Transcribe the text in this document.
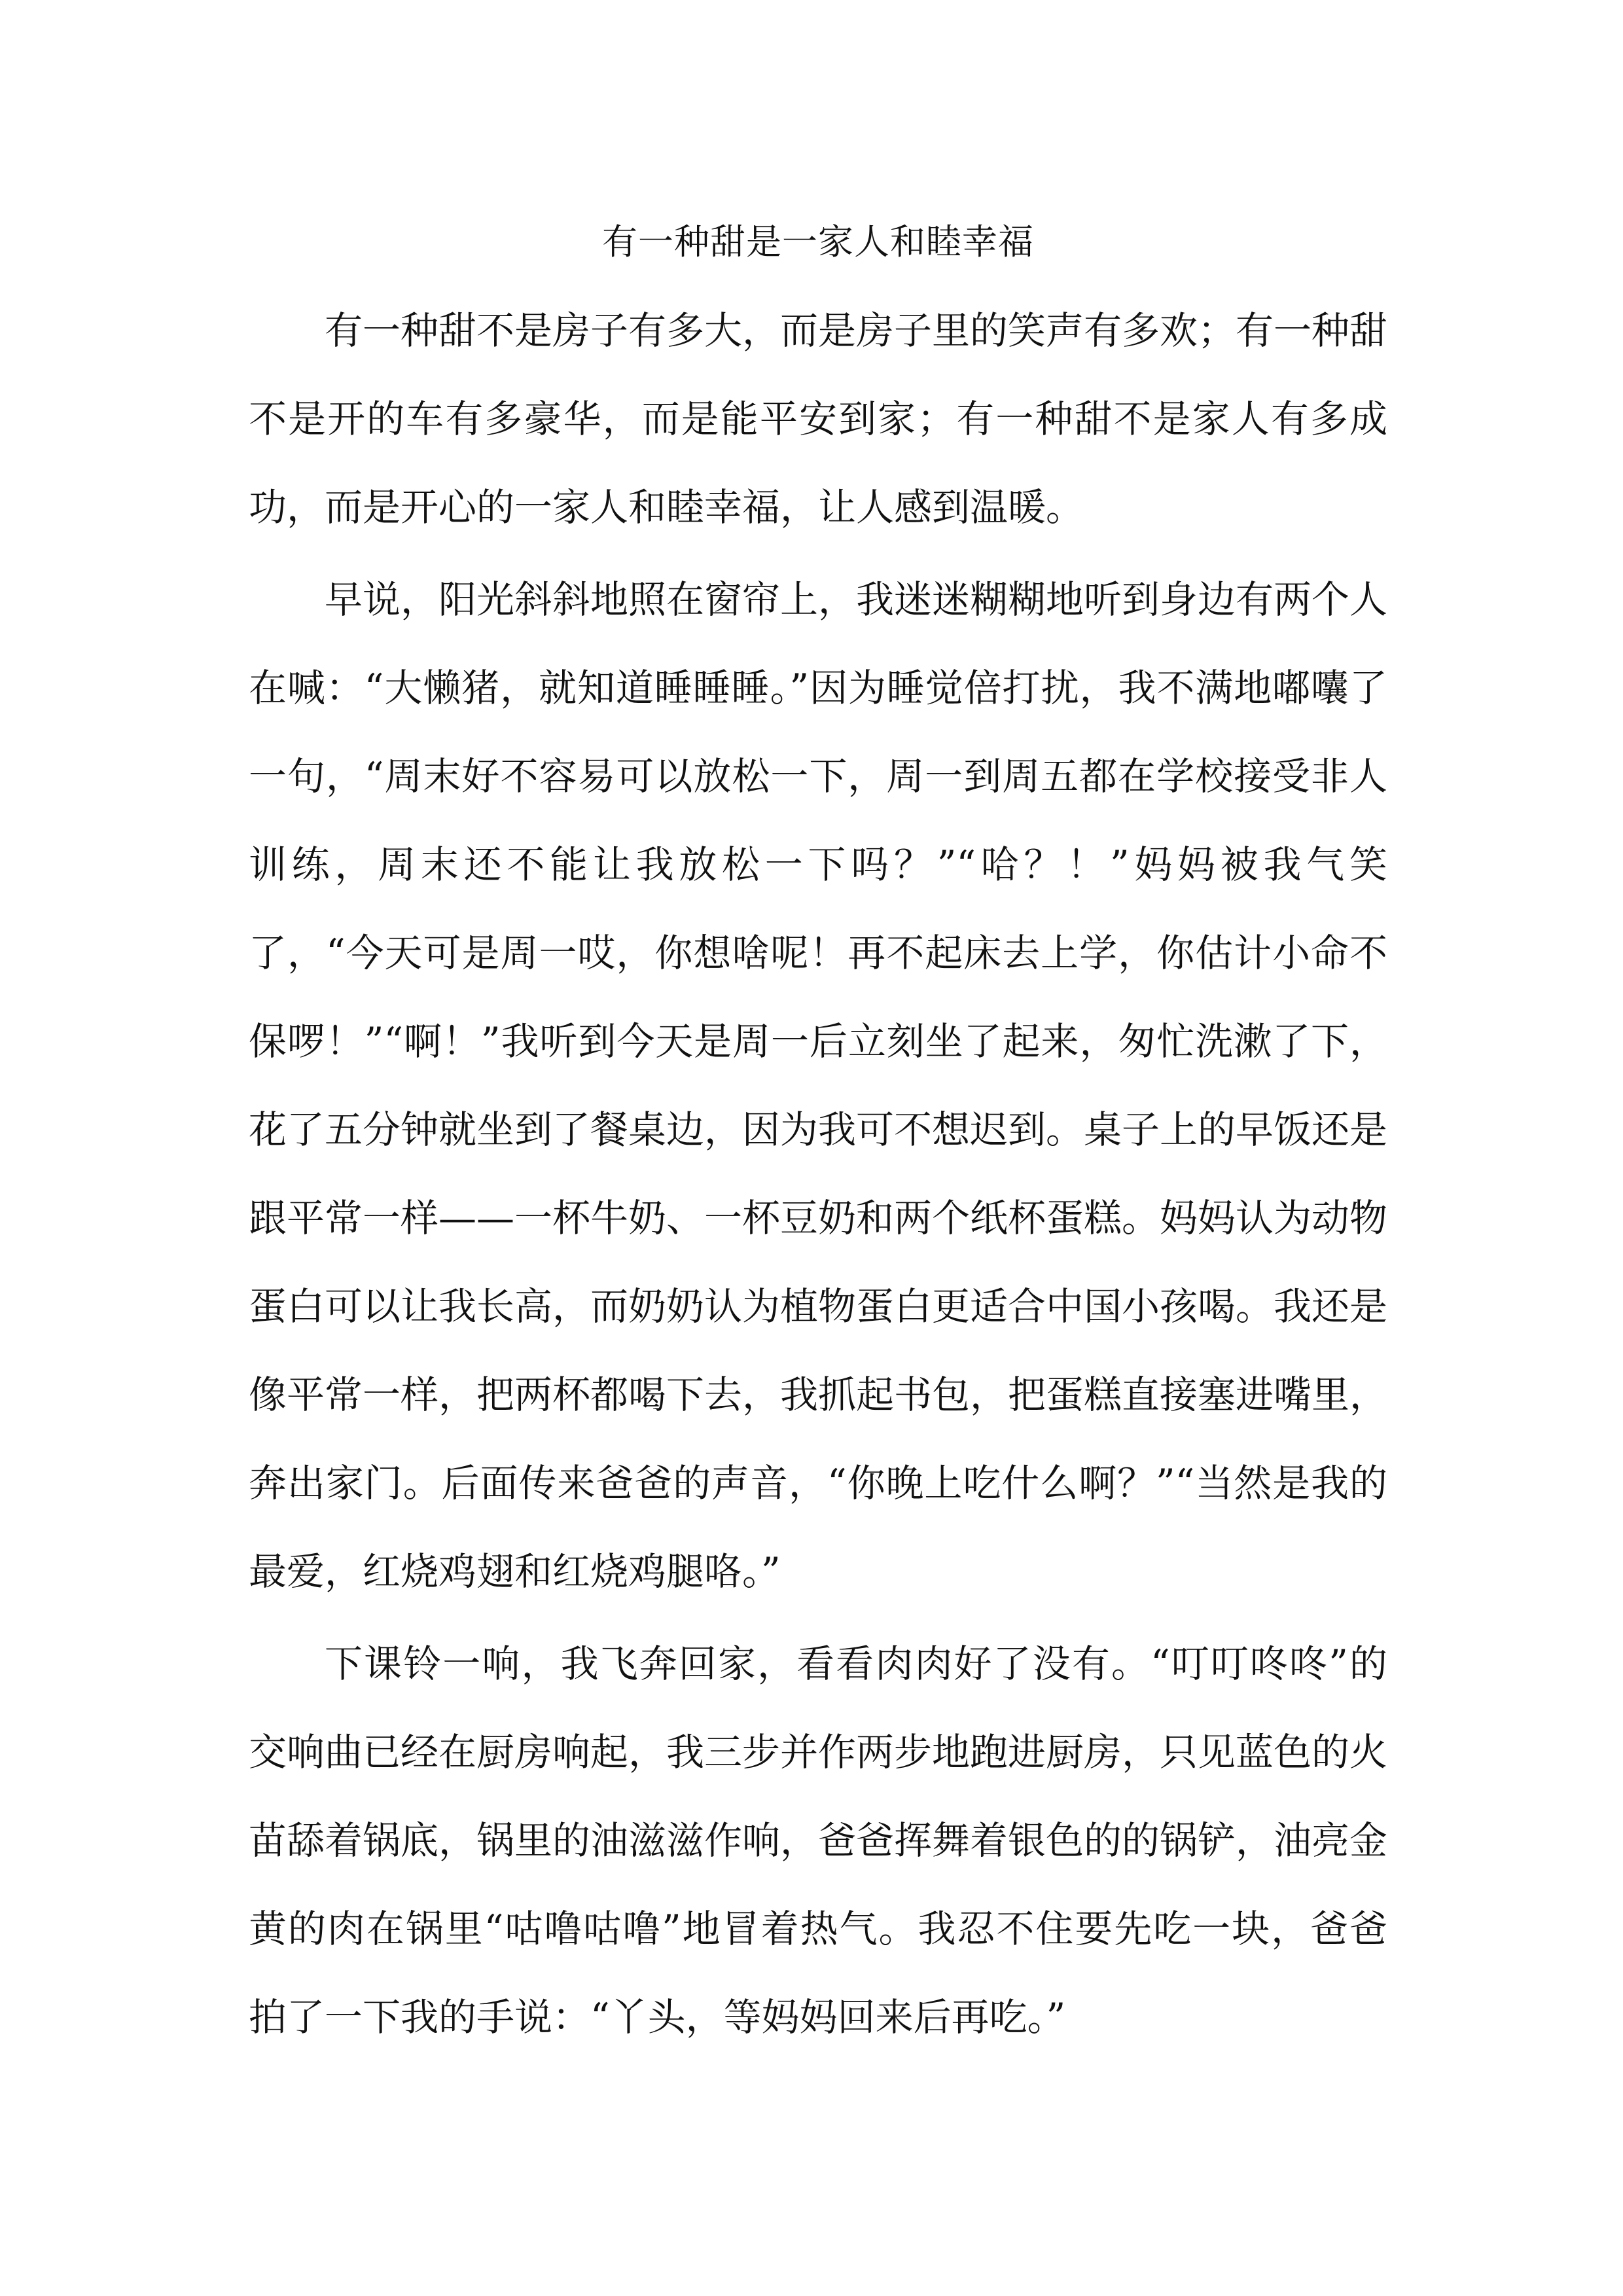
有一种甜是一家人和睦幸福

有一种甜不是房子有多大，而是房子里的笑声有多欢；有一种甜不是开的车有多豪华，而是能平安到家；有一种甜不是家人有多成功，而是开心的一家人和睦幸福，让人感到温暖。

早说，阳光斜斜地照在窗帘上，我迷迷糊糊地听到身边有两个人在喊：“大懒猪，就知道睡睡睡。”因为睡觉倍打扰，我不满地嘟囔了一句，“周末好不容易可以放松一下，周一到周五都在学校接受非人训练，周末还不能让我放松一下吗？”“哈？！”妈妈被我气笑了，“今天可是周一哎，你想啥呢！再不起床去上学，你估计小命不保啰！”“啊！”我听到今天是周一后立刻坐了起来，匆忙洗漱了下，花了五分钟就坐到了餐桌边，因为我可不想迟到。桌子上的早饭还是跟平常一样——一杯牛奶、一杯豆奶和两个纸杯蛋糕。妈妈认为动物蛋白可以让我长高，而奶奶认为植物蛋白更适合中国小孩喝。我还是像平常一样，把两杯都喝下去，我抓起书包，把蛋糕直接塞进嘴里，奔出家门。后面传来爸爸的声音，“你晚上吃什么啊？”“当然是我的最爱，红烧鸡翅和红烧鸡腿咯。”

下课铃一响，我飞奔回家，看看肉肉好了没有。“叮叮咚咚”的交响曲已经在厨房响起，我三步并作两步地跑进厨房，只见蓝色的火苗舔着锅底，锅里的油滋滋作响，爸爸挥舞着银色的的锅铲，油亮金黄的肉在锅里“咕噜咕噜”地冒着热气。我忍不住要先吃一块，爸爸拍了一下我的手说：“丫头，等妈妈回来后再吃。”
